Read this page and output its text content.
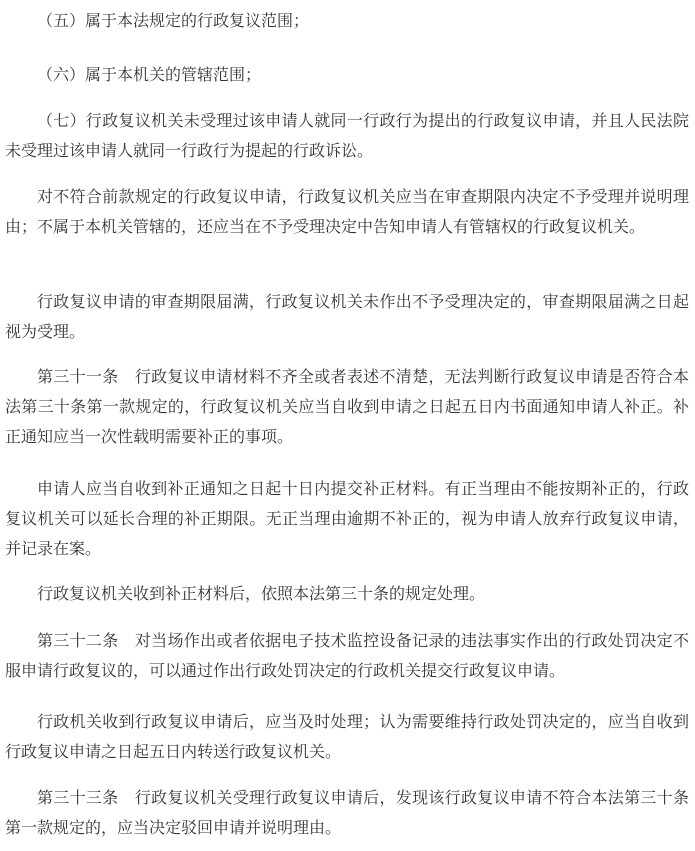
（五）属于本法规定的行政复议范围；

（六）属于本机关的管辖范围；

（七）行政复议机关未受理过该申请人就同一行政行为提出的行政复议申请，并且人民法院未受理过该申请人就同一行政行为提起的行政诉讼。

对不符合前款规定的行政复议申请，行政复议机关应当在审查期限内决定不予受理并说明理由；不属于本机关管辖的，还应当在不予受理决定中告知申请人有管辖权的行政复议机关。

行政复议申请的审查期限届满，行政复议机关未作出不予受理决定的，审查期限届满之日起视为受理。

第三十一条　行政复议申请材料不齐全或者表述不清楚，无法判断行政复议申请是否符合本法第三十条第一款规定的，行政复议机关应当自收到申请之日起五日内书面通知申请人补正。补正通知应当一次性载明需要补正的事项。

申请人应当自收到补正通知之日起十日内提交补正材料。有正当理由不能按期补正的，行政复议机关可以延长合理的补正期限。无正当理由逾期不补正的，视为申请人放弃行政复议申请，并记录在案。

行政复议机关收到补正材料后，依照本法第三十条的规定处理。

第三十二条　对当场作出或者依据电子技术监控设备记录的违法事实作出的行政处罚决定不服申请行政复议的，可以通过作出行政处罚决定的行政机关提交行政复议申请。

行政机关收到行政复议申请后，应当及时处理；认为需要维持行政处罚决定的，应当自收到行政复议申请之日起五日内转送行政复议机关。

第三十三条　行政复议机关受理行政复议申请后，发现该行政复议申请不符合本法第三十条第一款规定的，应当决定驳回申请并说明理由。
